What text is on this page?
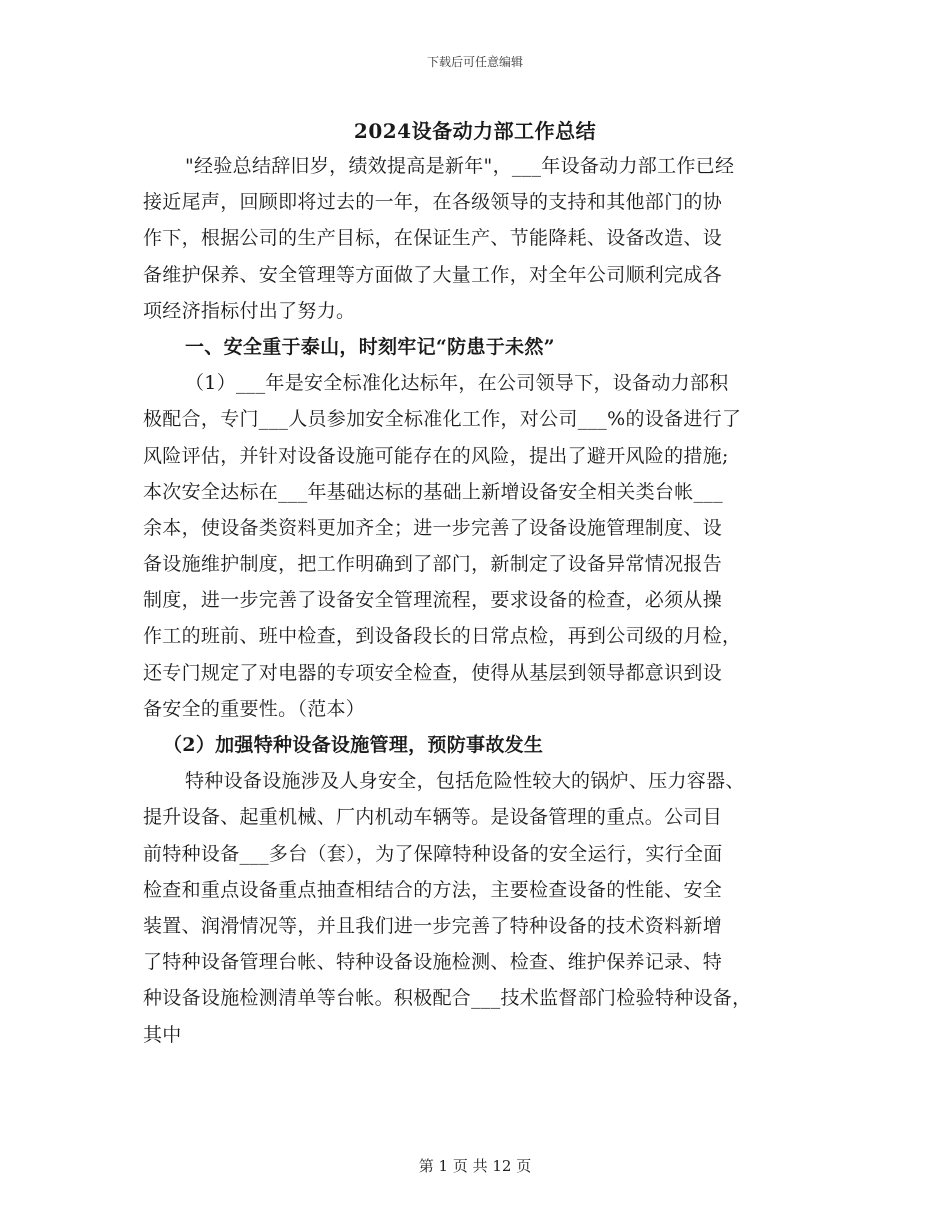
下载后可任意编辑
2024设备动力部工作总结
"经验总结辞旧岁，绩效提高是新年"，___年设备动力部工作已经
接近尾声，回顾即将过去的一年，在各级领导的支持和其他部门的协
作下，根据公司的生产目标，在保证生产、节能降耗、设备改造、设
备维护保养、安全管理等方面做了大量工作，对全年公司顺利完成各
项经济指标付出了努力。
一、安全重于泰山，时刻牢记“防患于未然”
（1）___年是安全标准化达标年，在公司领导下，设备动力部积
极配合，专门___人员参加安全标准化工作，对公司___%的设备进行了
风险评估，并针对设备设施可能存在的风险，提出了避开风险的措施;
本次安全达标在___年基础达标的基础上新增设备安全相关类台帐___
余本，使设备类资料更加齐全；进一步完善了设备设施管理制度、设
备设施维护制度，把工作明确到了部门，新制定了设备异常情况报告
制度，进一步完善了设备安全管理流程，要求设备的检查，必须从操
作工的班前、班中检查，到设备段长的日常点检，再到公司级的月检，
还专门规定了对电器的专项安全检查，使得从基层到领导都意识到设
备安全的重要性。（范本）
（2）加强特种设备设施管理，预防事故发生
特种设备设施涉及人身安全，包括危险性较大的锅炉、压力容器、
提升设备、起重机械、厂内机动车辆等。是设备管理的重点。公司目
前特种设备___多台（套），为了保障特种设备的安全运行，实行全面
检查和重点设备重点抽查相结合的方法，主要检查设备的性能、安全
装置、润滑情况等，并且我们进一步完善了特种设备的技术资料新增
了特种设备管理台帐、特种设备设施检测、检查、维护保养记录、特
种设备设施检测清单等台帐。积极配合___技术监督部门检验特种设备，
其中
第 1 页 共 12 页
